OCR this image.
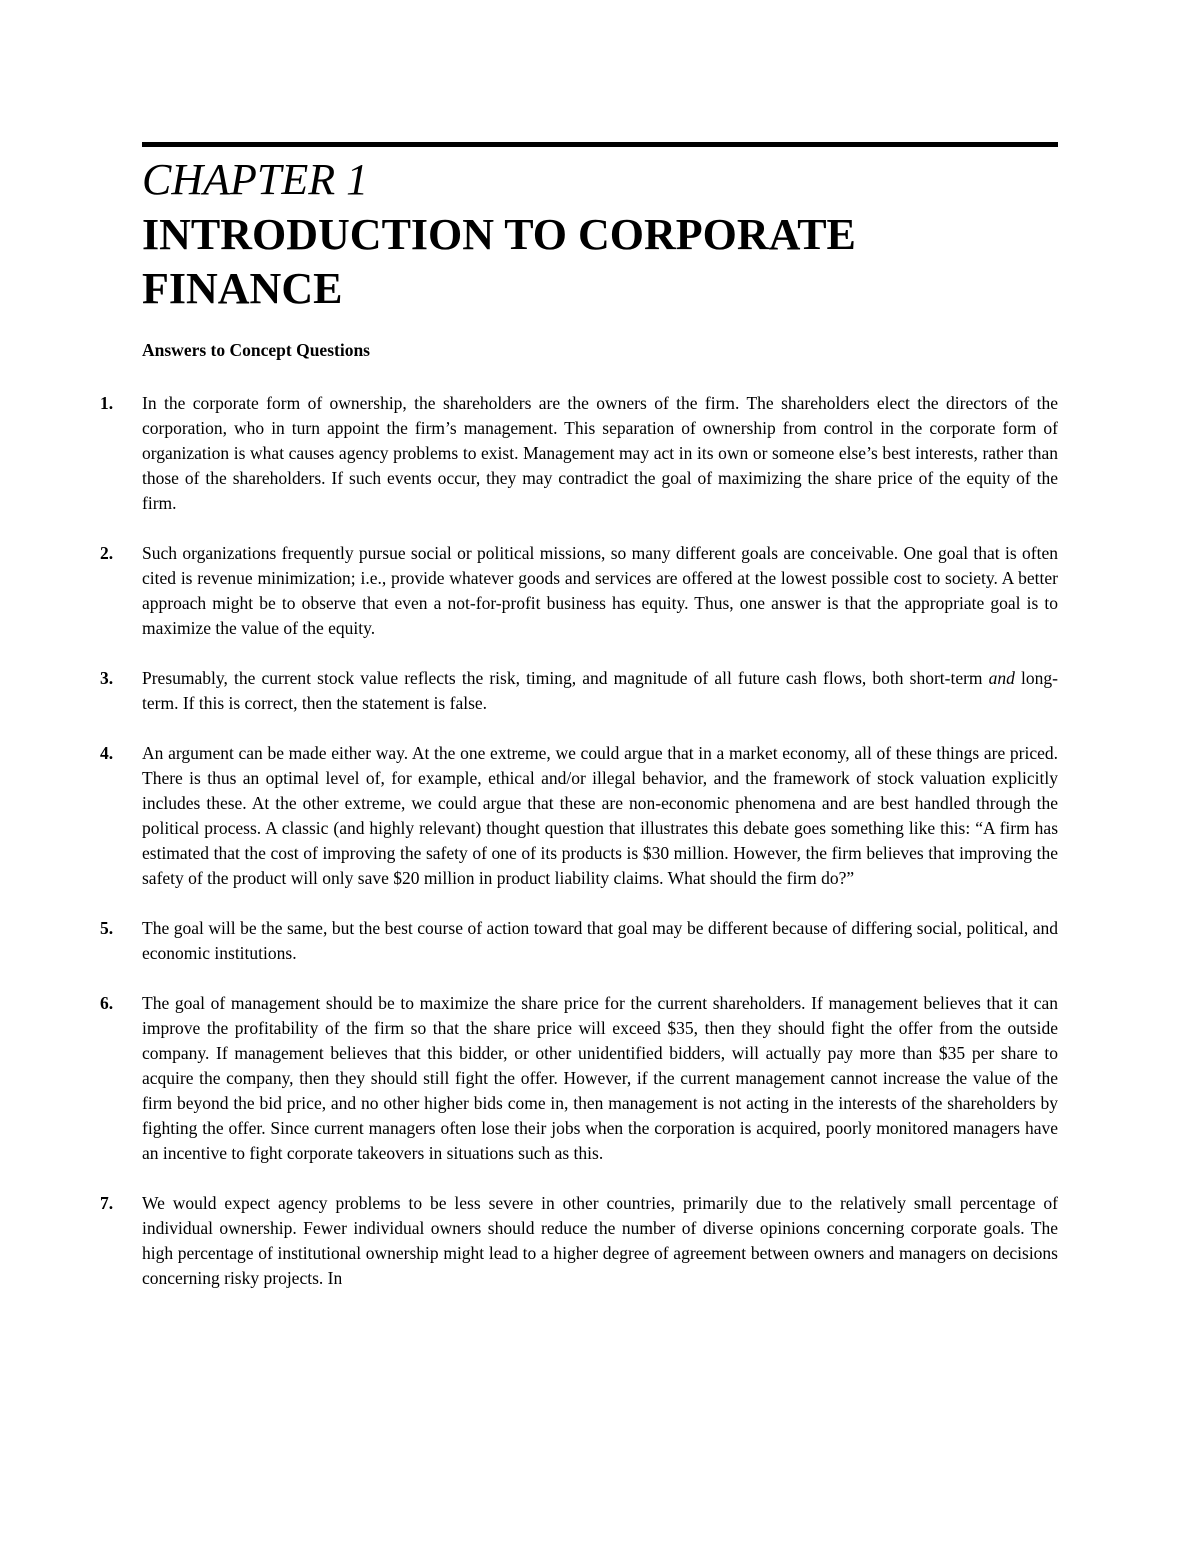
CHAPTER 1
INTRODUCTION TO CORPORATE FINANCE
Answers to Concept Questions
1. In the corporate form of ownership, the shareholders are the owners of the firm. The shareholders elect the directors of the corporation, who in turn appoint the firm’s management. This separation of ownership from control in the corporate form of organization is what causes agency problems to exist. Management may act in its own or someone else’s best interests, rather than those of the shareholders. If such events occur, they may contradict the goal of maximizing the share price of the equity of the firm.

2. Such organizations frequently pursue social or political missions, so many different goals are conceivable. One goal that is often cited is revenue minimization; i.e., provide whatever goods and services are offered at the lowest possible cost to society. A better approach might be to observe that even a not-for-profit business has equity. Thus, one answer is that the appropriate goal is to maximize the value of the equity.

3. Presumably, the current stock value reflects the risk, timing, and magnitude of all future cash flows, both short-term and long-term. If this is correct, then the statement is false.

4. An argument can be made either way. At the one extreme, we could argue that in a market economy, all of these things are priced. There is thus an optimal level of, for example, ethical and/or illegal behavior, and the framework of stock valuation explicitly includes these. At the other extreme, we could argue that these are non-economic phenomena and are best handled through the political process. A classic (and highly relevant) thought question that illustrates this debate goes something like this: “A firm has estimated that the cost of improving the safety of one of its products is $30 million. However, the firm believes that improving the safety of the product will only save $20 million in product liability claims. What should the firm do?”

5. The goal will be the same, but the best course of action toward that goal may be different because of differing social, political, and economic institutions.

6. The goal of management should be to maximize the share price for the current shareholders. If management believes that it can improve the profitability of the firm so that the share price will exceed $35, then they should fight the offer from the outside company. If management believes that this bidder, or other unidentified bidders, will actually pay more than $35 per share to acquire the company, then they should still fight the offer. However, if the current management cannot increase the value of the firm beyond the bid price, and no other higher bids come in, then management is not acting in the interests of the shareholders by fighting the offer. Since current managers often lose their jobs when the corporation is acquired, poorly monitored managers have an incentive to fight corporate takeovers in situations such as this.

7. We would expect agency problems to be less severe in other countries, primarily due to the relatively small percentage of individual ownership. Fewer individual owners should reduce the number of diverse opinions concerning corporate goals. The high percentage of institutional ownership might lead to a higher degree of agreement between owners and managers on decisions concerning risky projects. In
